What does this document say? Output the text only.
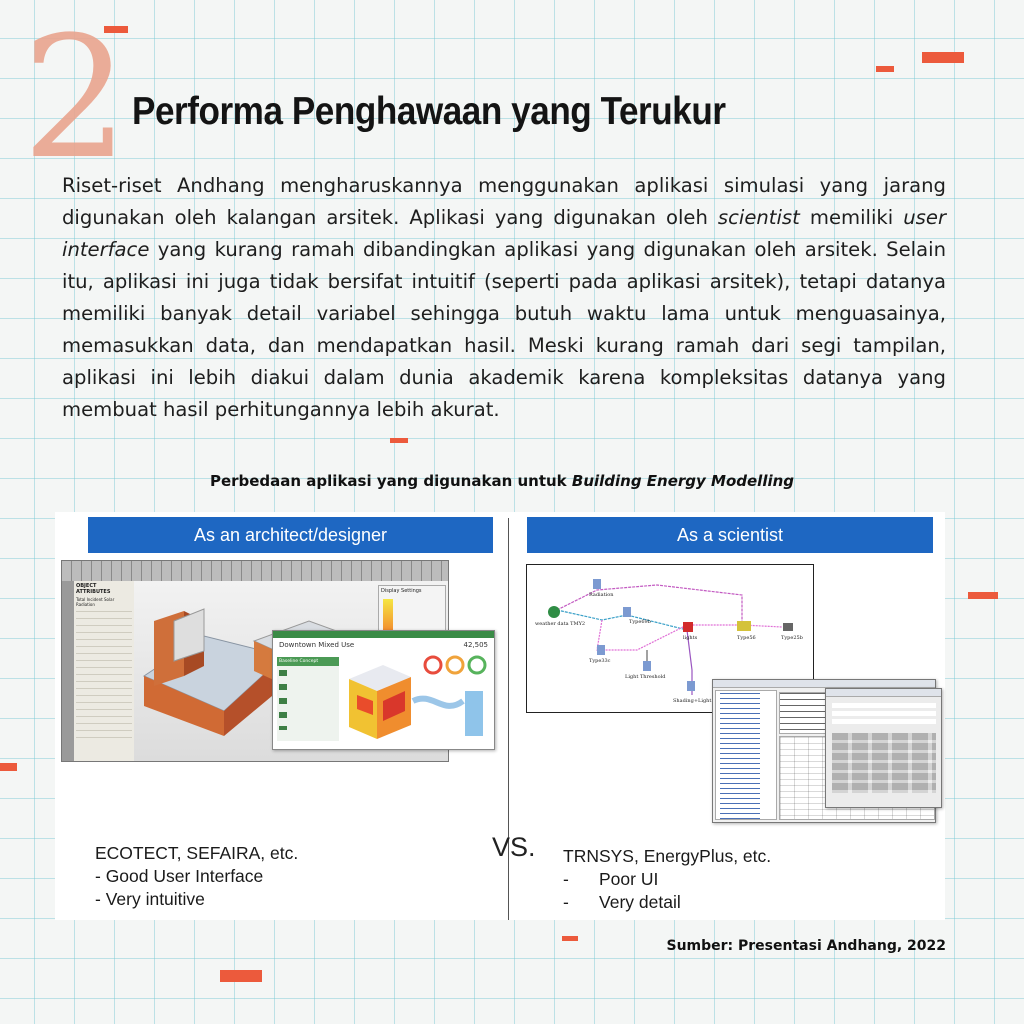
2 Performa Penghawaan yang Terukur

Riset-riset Andhang mengharuskannya menggunakan aplikasi simulasi yang jarang digunakan oleh kalangan arsitek. Aplikasi yang digunakan oleh scientist memiliki user interface yang kurang ramah dibandingkan aplikasi yang digunakan oleh arsitek. Selain itu, aplikasi ini juga tidak bersifat intuitif (seperti pada aplikasi arsitek), tetapi datanya memiliki banyak detail variabel sehingga butuh waktu lama untuk menguasainya, memasukkan data, dan mendapatkan hasil. Meski kurang ramah dari segi tampilan, aplikasi ini lebih diakui dalam dunia akademik karena kompleksitas datanya yang membuat hasil perhitungannya lebih akurat.

Perbedaan aplikasi yang digunakan untuk Building Energy Modelling
As an architect/designer	As a scientist
OBJECT ATTRIBUTES
Total Incident Solar Radiation
Display Settings
Downtown Mixed Use	42,505
Baseline Concept
Radiation
weather data TMY2	Type69b
lights	Type56	Type25b
Type33c
Light Threshold
Shading+Light
VS.
ECOTECT, SEFAIRA, etc.
- Good User Interface
- Very intuitive
TRNSYS, EnergyPlus, etc.
-	Poor UI
-	Very detail
Sumber: Presentasi Andhang, 2022
